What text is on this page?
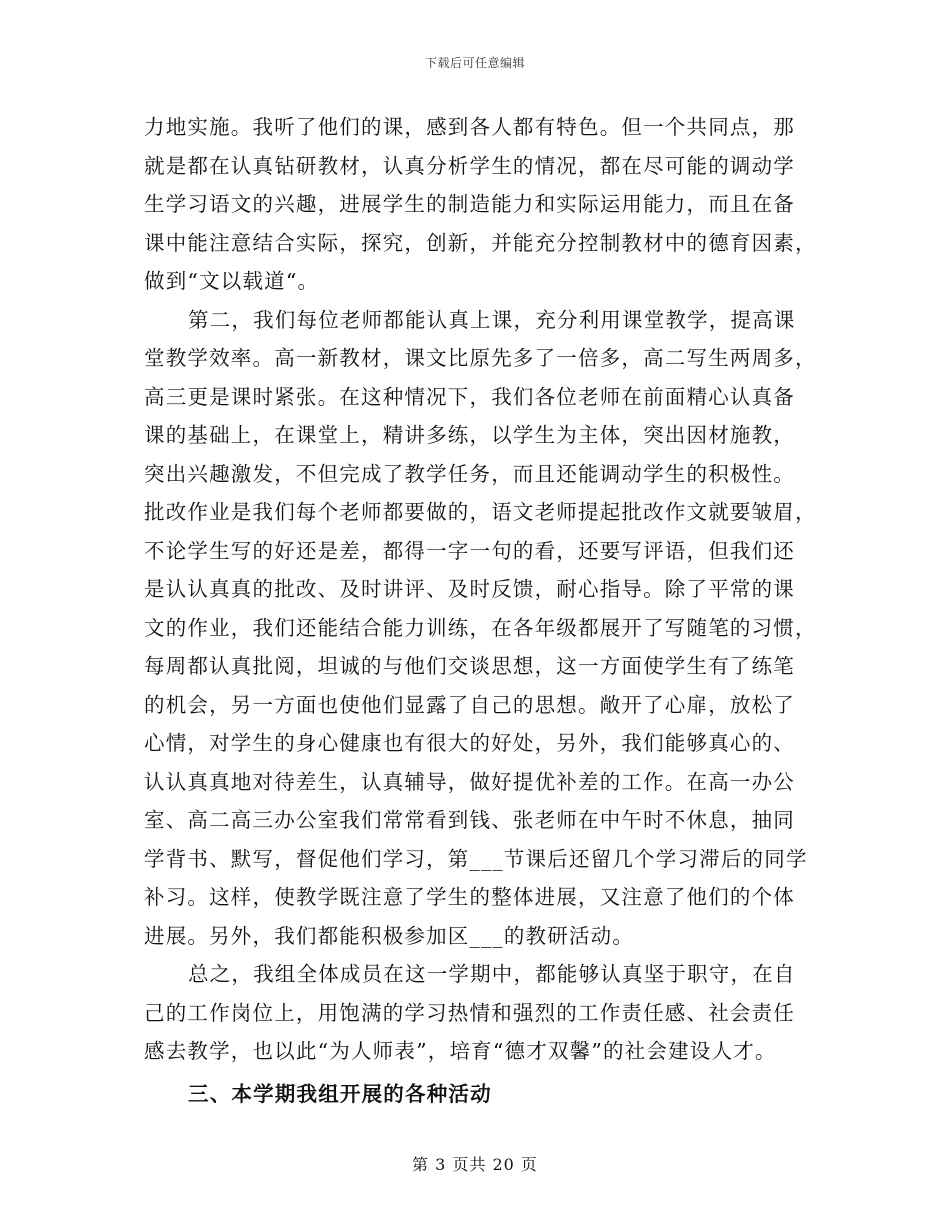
下载后可任意编辑
力地实施。我听了他们的课，感到各人都有特色。但一个共同点，那
就是都在认真钻研教材，认真分析学生的情况，都在尽可能的调动学
生学习语文的兴趣，进展学生的制造能力和实际运用能力，而且在备
课中能注意结合实际，探究，创新，并能充分控制教材中的德育因素，
做到“文以载道“。
第二，我们每位老师都能认真上课，充分利用课堂教学，提高课
堂教学效率。高一新教材，课文比原先多了一倍多，高二写生两周多，
高三更是课时紧张。在这种情况下，我们各位老师在前面精心认真备
课的基础上，在课堂上，精讲多练，以学生为主体，突出因材施教，
突出兴趣激发，不但完成了教学任务，而且还能调动学生的积极性。
批改作业是我们每个老师都要做的，语文老师提起批改作文就要皱眉，
不论学生写的好还是差，都得一字一句的看，还要写评语，但我们还
是认认真真的批改、及时讲评、及时反馈，耐心指导。除了平常的课
文的作业，我们还能结合能力训练，在各年级都展开了写随笔的习惯，
每周都认真批阅，坦诚的与他们交谈思想，这一方面使学生有了练笔
的机会，另一方面也使他们显露了自己的思想。敞开了心扉，放松了
心情，对学生的身心健康也有很大的好处，另外，我们能够真心的、
认认真真地对待差生，认真辅导，做好提优补差的工作。在高一办公
室、高二高三办公室我们常常看到钱、张老师在中午时不休息，抽同
学背书、默写，督促他们学习，第___节课后还留几个学习滞后的同学
补习。这样，使教学既注意了学生的整体进展，又注意了他们的个体
进展。另外，我们都能积极参加区___的教研活动。
总之，我组全体成员在这一学期中，都能够认真坚于职守，在自
己的工作岗位上，用饱满的学习热情和强烈的工作责任感、社会责任
感去教学，也以此“为人师表”，培育“德才双馨”的社会建设人才。
三、本学期我组开展的各种活动
第 3 页共 20 页
